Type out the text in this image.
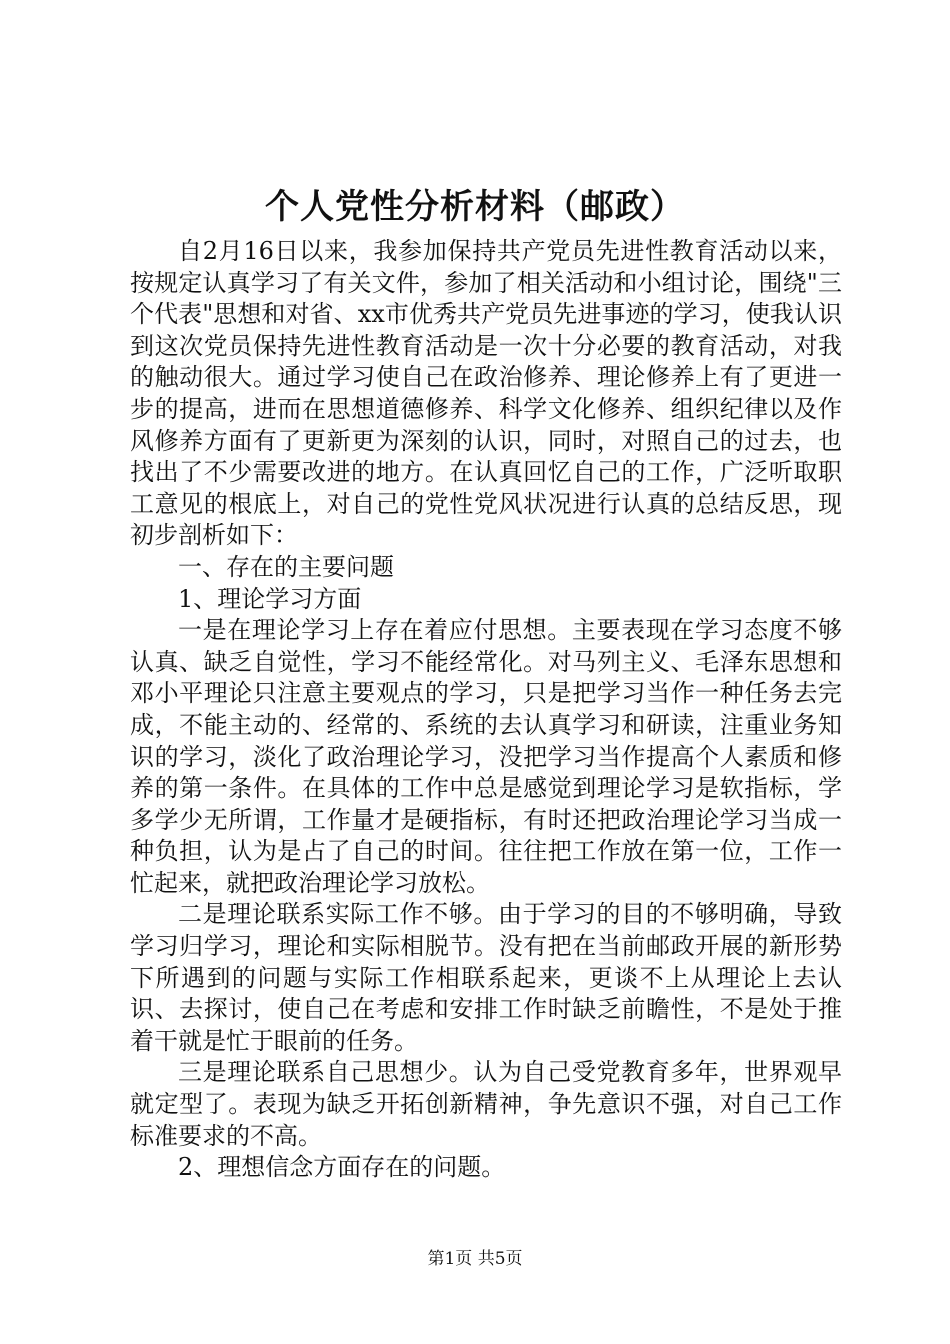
个人党性分析材料（邮政）

自2月16日以来，我参加保持共产党员先进性教育活动以来，按规定认真学习了有关文件，参加了相关活动和小组讨论，围绕"三个代表"思想和对省、xx市优秀共产党员先进事迹的学习，使我认识到这次党员保持先进性教育活动是一次十分必要的教育活动，对我的触动很大。通过学习使自己在政治修养、理论修养上有了更进一步的提高，进而在思想道德修养、科学文化修养、组织纪律以及作风修养方面有了更新更为深刻的认识，同时，对照自己的过去，也找出了不少需要改进的地方。在认真回忆自己的工作，广泛听取职工意见的根底上，对自己的党性党风状况进行认真的总结反思，现初步剖析如下：

一、存在的主要问题

1、理论学习方面

一是在理论学习上存在着应付思想。主要表现在学习态度不够认真、缺乏自觉性，学习不能经常化。对马列主义、毛泽东思想和邓小平理论只注意主要观点的学习，只是把学习当作一种任务去完成，不能主动的、经常的、系统的去认真学习和研读，注重业务知识的学习，淡化了政治理论学习，没把学习当作提高个人素质和修养的第一条件。在具体的工作中总是感觉到理论学习是软指标，学多学少无所谓，工作量才是硬指标，有时还把政治理论学习当成一种负担，认为是占了自己的时间。往往把工作放在第一位，工作一忙起来，就把政治理论学习放松。

二是理论联系实际工作不够。由于学习的目的不够明确，导致学习归学习，理论和实际相脱节。没有把在当前邮政开展的新形势下所遇到的问题与实际工作相联系起来，更谈不上从理论上去认识、去探讨，使自己在考虑和安排工作时缺乏前瞻性，不是处于推着干就是忙于眼前的任务。

三是理论联系自己思想少。认为自己受党教育多年，世界观早就定型了。表现为缺乏开拓创新精神，争先意识不强，对自己工作标准要求的不高。

2、理想信念方面存在的问题。

第1页 共5页
